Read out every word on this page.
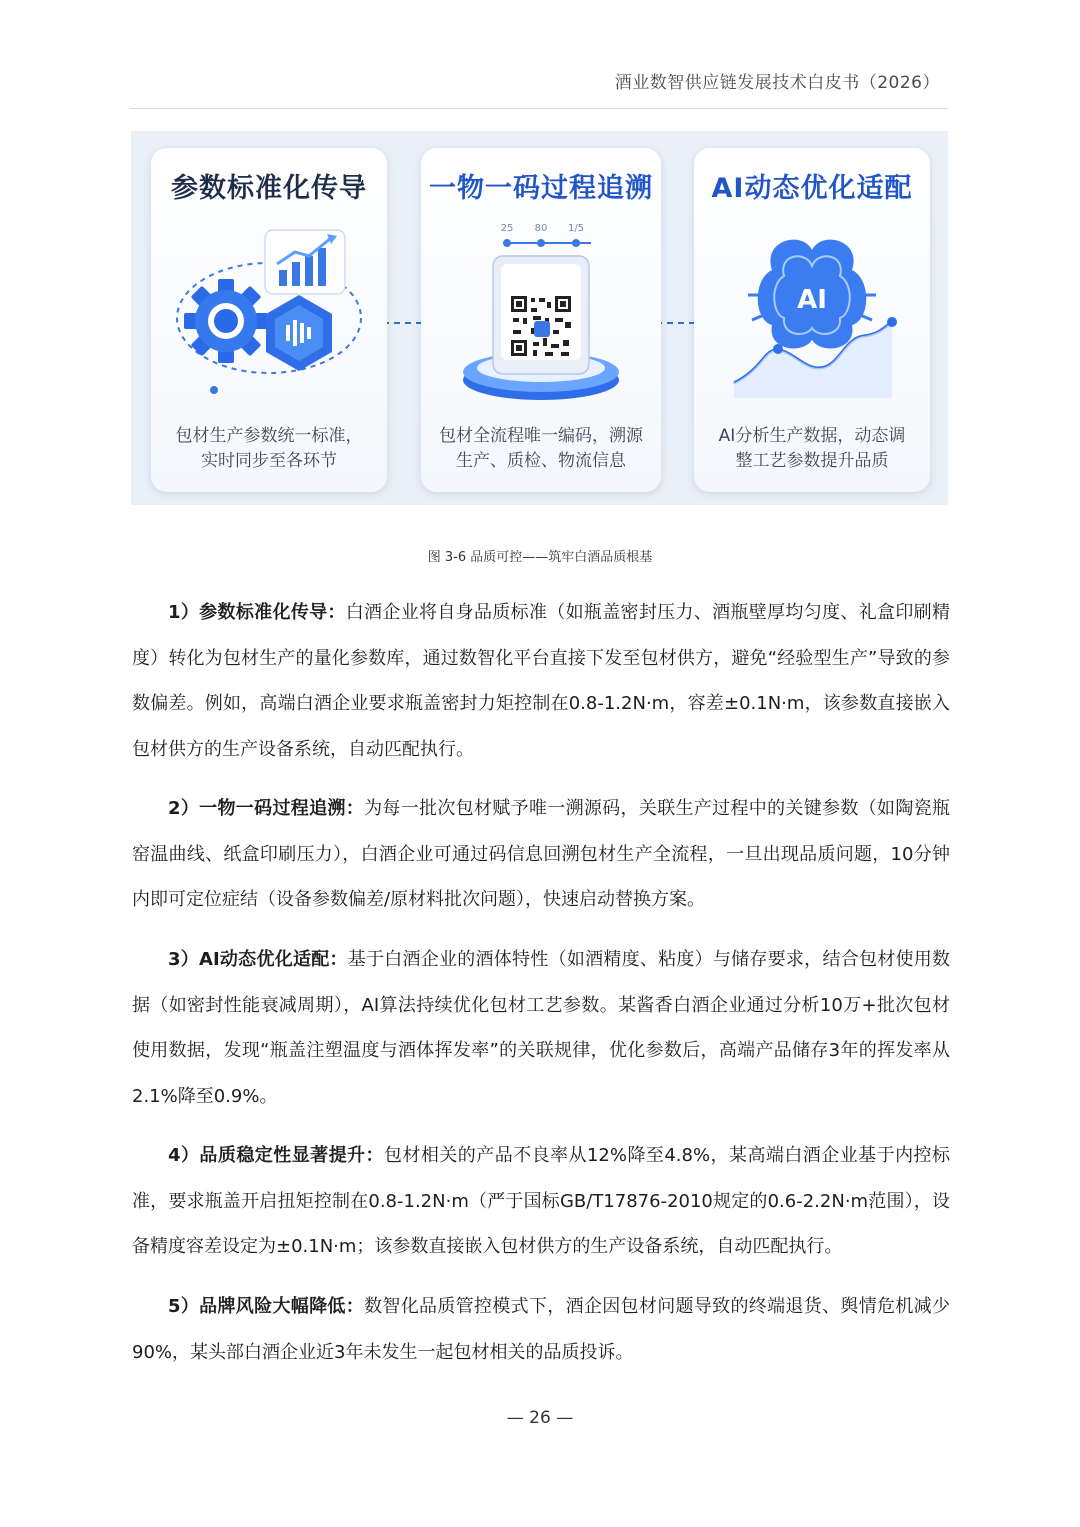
酒业数智供应链发展技术白皮书（2026）
参数标准化传导
包材生产参数统一标准，
实时同步至各环节
一物一码过程追溯
25 80 1/5
包材全流程唯一编码，溯源
生产、质检、物流信息
AI动态优化适配
AI
AI分析生产数据，动态调
整工艺参数提升品质
图 3-6 品质可控——筑牢白酒品质根基
1）参数标准化传导：白酒企业将自身品质标准（如瓶盖密封压力、酒瓶壁厚均匀度、礼盒印刷精度）转化为包材生产的量化参数库，通过数智化平台直接下发至包材供方，避免“经验型生产”导致的参数偏差。例如，高端白酒企业要求瓶盖密封力矩控制在0.8-1.2N·m，容差±0.1N·m，该参数直接嵌入包材供方的生产设备系统，自动匹配执行。
2）一物一码过程追溯：为每一批次包材赋予唯一溯源码，关联生产过程中的关键参数（如陶瓷瓶窑温曲线、纸盒印刷压力），白酒企业可通过码信息回溯包材生产全流程，一旦出现品质问题，10分钟内即可定位症结（设备参数偏差/原材料批次问题），快速启动替换方案。
3）AI动态优化适配：基于白酒企业的酒体特性（如酒精度、粘度）与储存要求，结合包材使用数据（如密封性能衰减周期），AI算法持续优化包材工艺参数。某酱香白酒企业通过分析10万+批次包材使用数据，发现“瓶盖注塑温度与酒体挥发率”的关联规律，优化参数后，高端产品储存3年的挥发率从2.1%降至0.9%。
4）品质稳定性显著提升：包材相关的产品不良率从12%降至4.8%，某高端白酒企业基于内控标准，要求瓶盖开启扭矩控制在0.8-1.2N·m（严于国标GB/T17876-2010规定的0.6-2.2N·m范围），设备精度容差设定为±0.1N·m；该参数直接嵌入包材供方的生产设备系统，自动匹配执行。
5）品牌风险大幅降低：数智化品质管控模式下，酒企因包材问题导致的终端退货、舆情危机减少90%，某头部白酒企业近3年未发生一起包材相关的品质投诉。
— 26 —
